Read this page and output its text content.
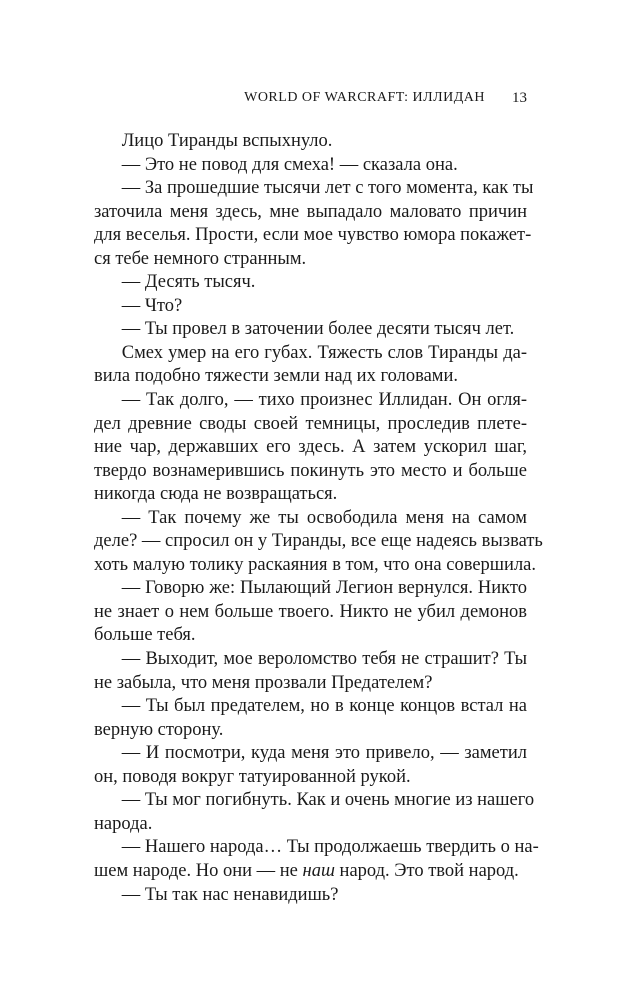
WORLD OF WARCRAFT: ИЛЛИДАН 13
Лицо Тиранды вспыхнуло.
— Это не повод для смеха! — сказала она.
— За прошедшие тысячи лет с того момента, как ты
заточила меня здесь, мне выпадало маловато причин
для веселья. Прости, если мое чувство юмора покажет-
ся тебе немного странным.
— Десять тысяч.
— Что?
— Ты провел в заточении более десяти тысяч лет.
Смех умер на его губах. Тяжесть слов Тиранды да-
вила подобно тяжести земли над их головами.
— Так долго, — тихо произнес Иллидан. Он огля-
дел древние своды своей темницы, проследив плете-
ние чар, державших его здесь. А затем ускорил шаг,
твердо вознамерившись покинуть это место и больше
никогда сюда не возвращаться.
— Так почему же ты освободила меня на самом
деле? — спросил он у Тиранды, все еще надеясь вызвать
хоть малую толику раскаяния в том, что она совершила.
— Говорю же: Пылающий Легион вернулся. Никто
не знает о нем больше твоего. Никто не убил демонов
больше тебя.
— Выходит, мое вероломство тебя не страшит? Ты
не забыла, что меня прозвали Предателем?
— Ты был предателем, но в конце концов встал на
верную сторону.
— И посмотри, куда меня это привело, — заметил
он, поводя вокруг татуированной рукой.
— Ты мог погибнуть. Как и очень многие из нашего
народа.
— Нашего народа… Ты продолжаешь твердить о на-
шем народе. Но они — не наш народ. Это твой народ.
— Ты так нас ненавидишь?
